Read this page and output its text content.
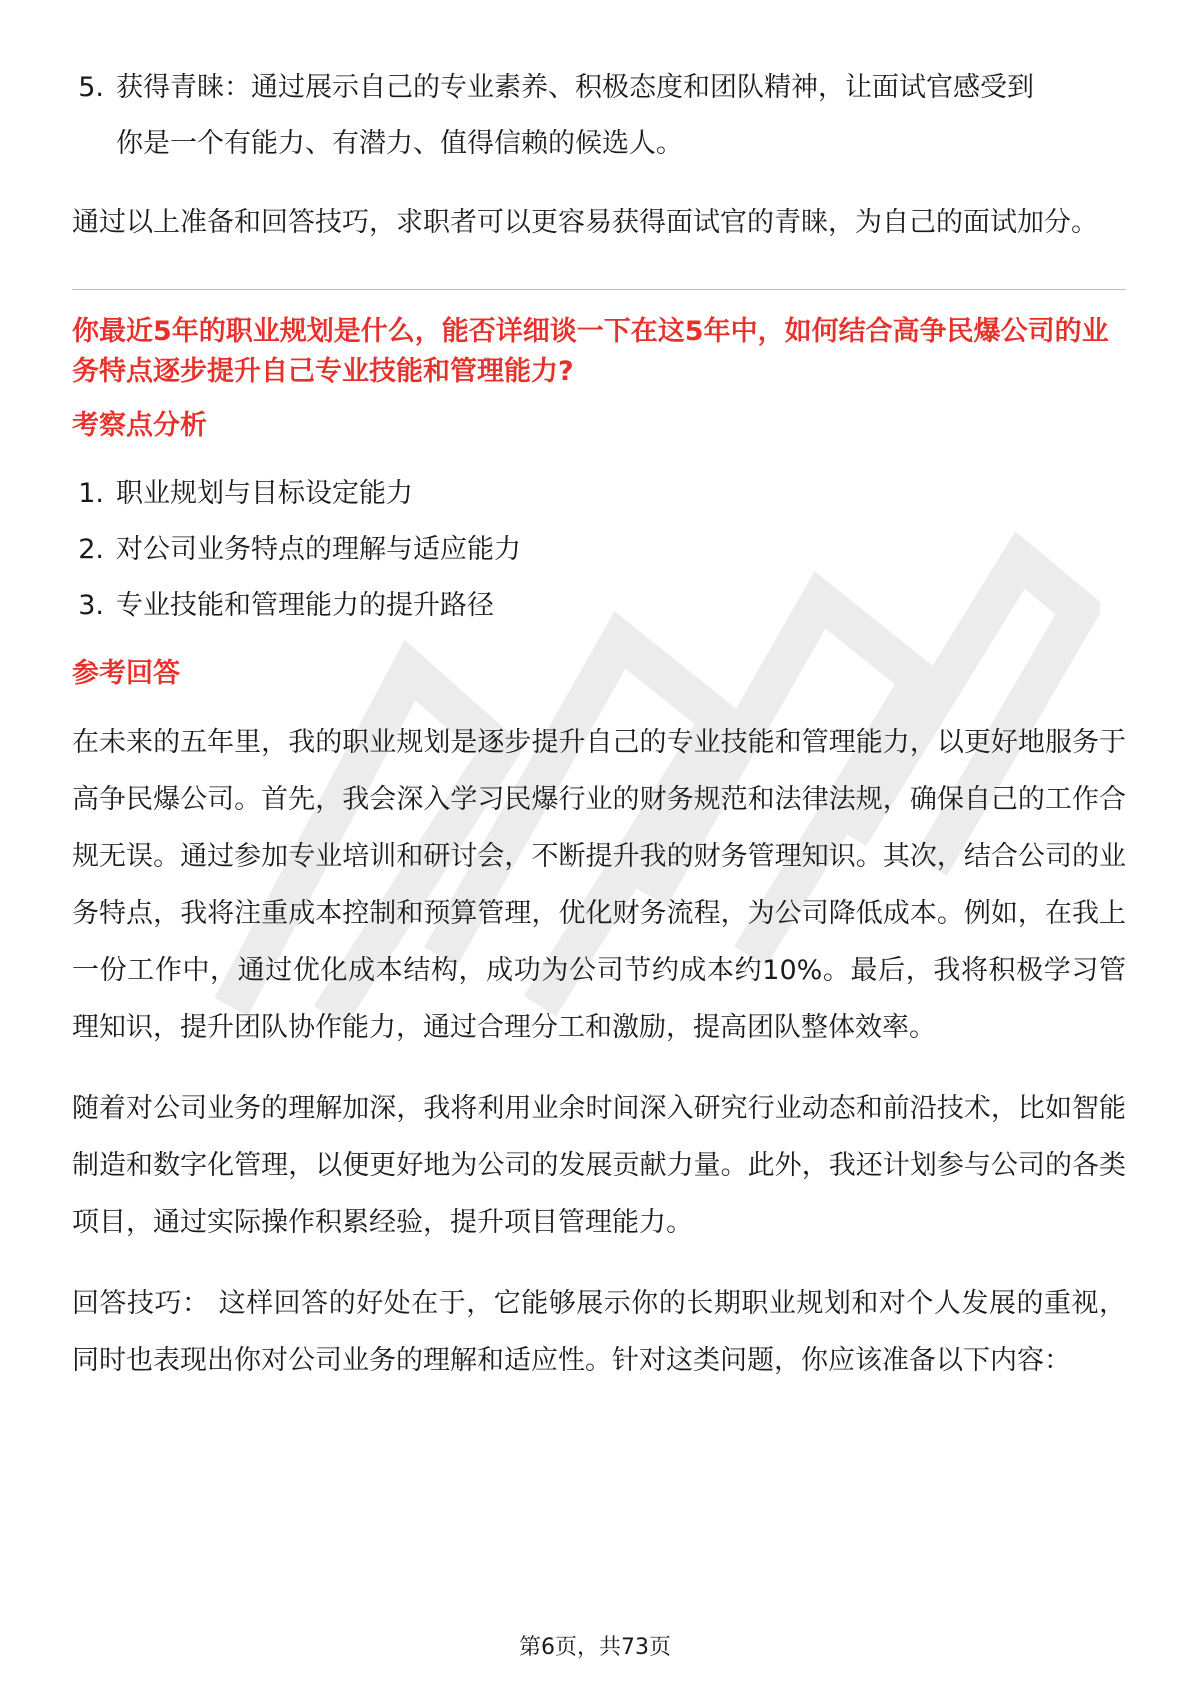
5. 获得青睐：通过展示自己的专业素养、积极态度和团队精神，让面试官感受到
你是一个有能力、有潜力、值得信赖的候选人。

通过以上准备和回答技巧，求职者可以更容易获得面试官的青睐，为自己的面试加分。

你最近5年的职业规划是什么，能否详细谈一下在这5年中，如何结合高争民爆公司的业务特点逐步提升自己专业技能和管理能力?

考察点分析

1. 职业规划与目标设定能力
2. 对公司业务特点的理解与适应能力
3. 专业技能和管理能力的提升路径

参考回答

在未来的五年里，我的职业规划是逐步提升自己的专业技能和管理能力，以更好地服务于高争民爆公司。首先，我会深入学习民爆行业的财务规范和法律法规，确保自己的工作合规无误。通过参加专业培训和研讨会，不断提升我的财务管理知识。其次，结合公司的业务特点，我将注重成本控制和预算管理，优化财务流程，为公司降低成本。例如，在我上一份工作中，通过优化成本结构，成功为公司节约成本约10%。最后，我将积极学习管理知识，提升团队协作能力，通过合理分工和激励，提高团队整体效率。

随着对公司业务的理解加深，我将利用业余时间深入研究行业动态和前沿技术，比如智能制造和数字化管理，以便更好地为公司的发展贡献力量。此外，我还计划参与公司的各类项目，通过实际操作积累经验，提升项目管理能力。

回答技巧： 这样回答的好处在于，它能够展示你的长期职业规划和对个人发展的重视，同时也表现出你对公司业务的理解和适应性。针对这类问题，你应该准备以下内容：

第6页，共73页
